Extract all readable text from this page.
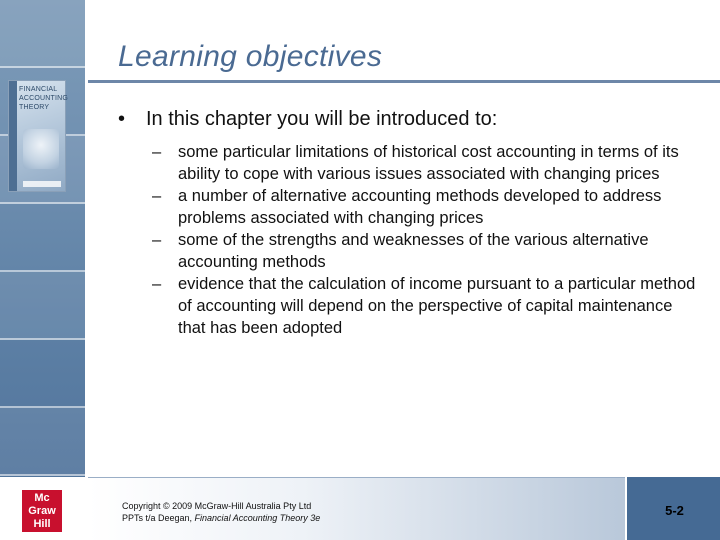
FINANCIAL
ACCOUNTING
THEORY
Learning objectives
• In this chapter you will be introduced to:
– some particular limitations of historical cost accounting in terms of its ability to cope with various issues associated with changing prices
– a number of alternative accounting methods developed to address problems associated with changing prices
– some of the strengths and weaknesses of the various alternative accounting methods
– evidence that the calculation of income pursuant to a particular method of accounting will depend on the perspective of capital maintenance that has been adopted
Mc
Graw
Hill
Copyright © 2009 McGraw-Hill Australia Pty Ltd
PPTs t/a Deegan, Financial Accounting Theory 3e	5-2
